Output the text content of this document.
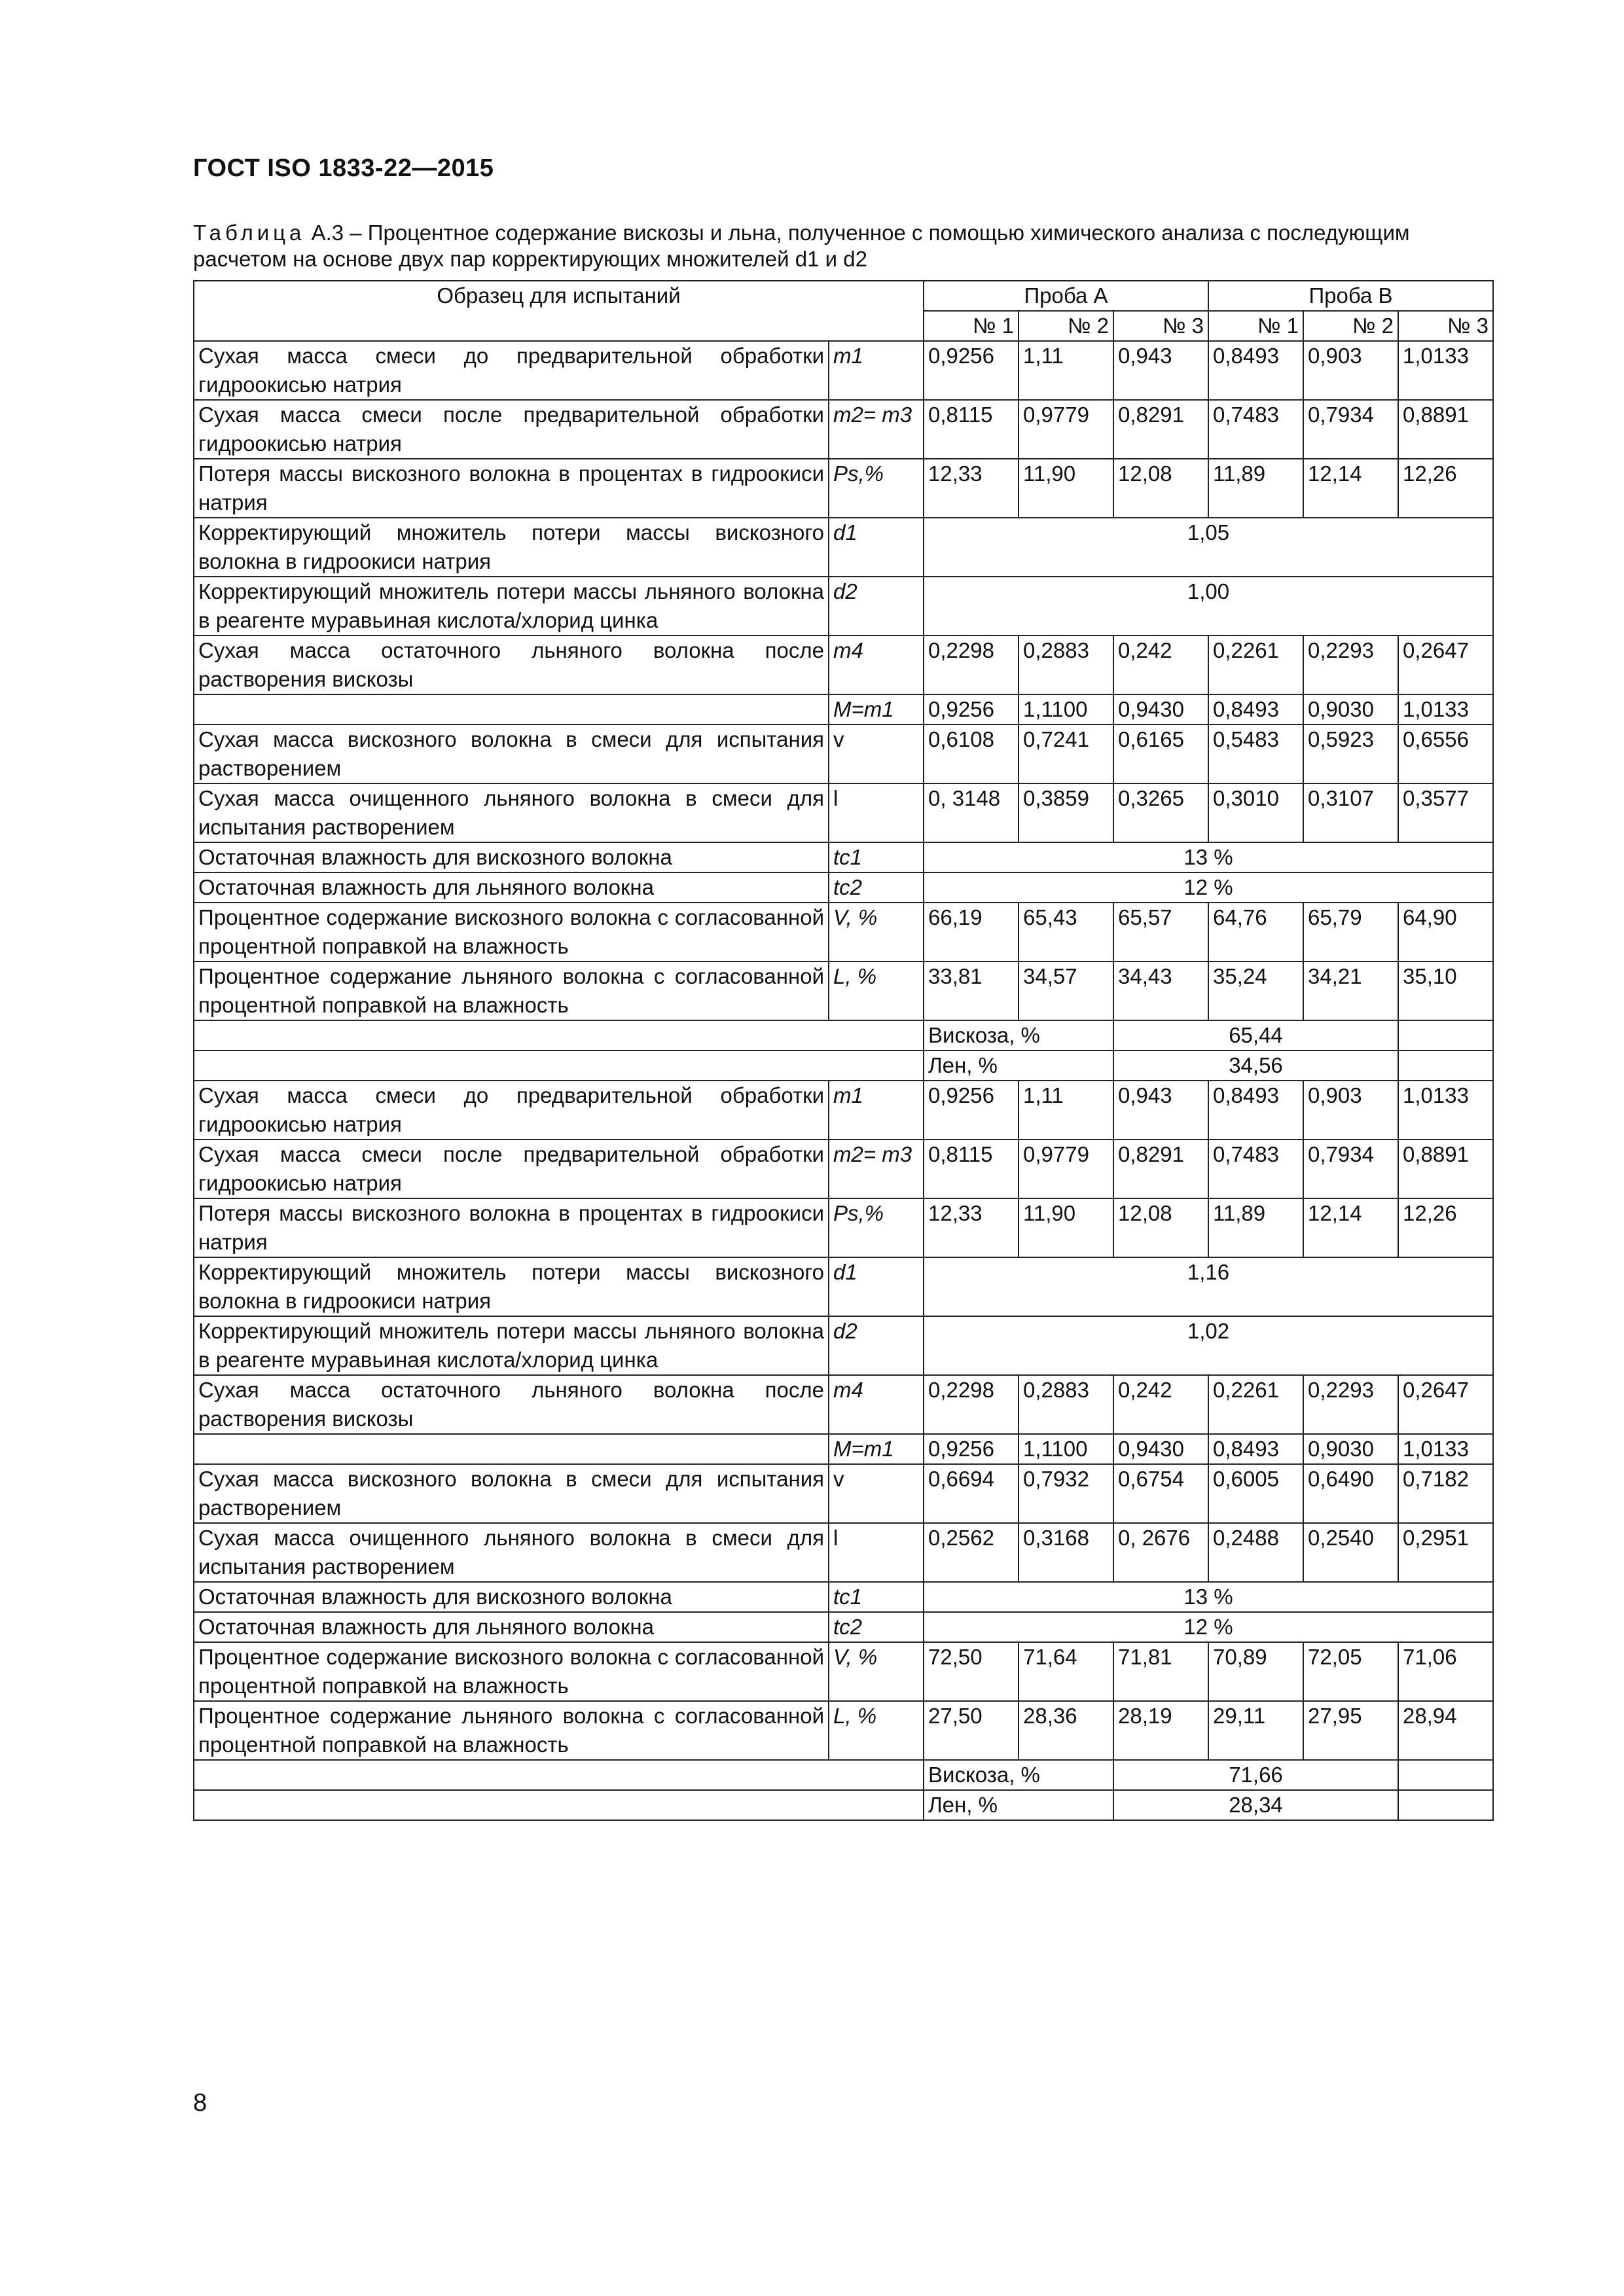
ГОСТ ISO 1833-22—2015
Таблица А.3 – Процентное содержание вискозы и льна, полученное с помощью химического анализа с последующим расчетом на основе двух пар корректирующих множителей d1 и d2
Образец для испытаний		Проба А			Проба В		
		№ 1	№ 2	№ 3	№ 1	№ 2	№ 3
Сухая масса смеси до предварительной обработки гидроокисью натрия	m1	0,9256	1,11	0,943	0,8493	0,903	1,0133
Сухая масса смеси после предварительной обработки гидроокисью натрия	m2= m3	0,8115	0,9779	0,8291	0,7483	0,7934	0,8891
Потеря массы вискозного волокна в процентах в гидроокиси натрия	Ps,%	12,33	11,90	12,08	11,89	12,14	12,26
Корректирующий множитель потери массы вискозного волокна в гидроокиси натрия	d1	1,05					
Корректирующий множитель потери массы льняного волокна в реагенте муравьиная кислота/хлорид цинка	d2	1,00					
Сухая масса остаточного льняного волокна после растворения вискозы	m4	0,2298	0,2883	0,242	0,2261	0,2293	0,2647
	M=m1	0,9256	1,1100	0,9430	0,8493	0,9030	1,0133
Сухая масса вискозного волокна в смеси для испытания растворением	v	0,6108	0,7241	0,6165	0,5483	0,5923	0,6556
Сухая масса очищенного льняного волокна в смеси для испытания растворением	l	0, 3148	0,3859	0,3265	0,3010	0,3107	0,3577
Остаточная влажность для вискозного волокна	tc1	13 %					
Остаточная влажность для льняного волокна	tc2	12 %					
Процентное содержание вискозного волокна с согласованной процентной поправкой на влажность	V, %	66,19	65,43	65,57	64,76	65,79	64,90
Процентное содержание льняного волокна с согласованной процентной поправкой на влажность	L, %	33,81	34,57	34,43	35,24	34,21	35,10
		Вискоза, %		65,44			
		Лен, %		34,56			
Сухая масса смеси до предварительной обработки гидроокисью натрия	m1	0,9256	1,11	0,943	0,8493	0,903	1,0133
Сухая масса смеси после предварительной обработки гидроокисью натрия	m2= m3	0,8115	0,9779	0,8291	0,7483	0,7934	0,8891
Потеря массы вискозного волокна в процентах в гидроокиси натрия	Ps,%	12,33	11,90	12,08	11,89	12,14	12,26
Корректирующий множитель потери массы вискозного волокна в гидроокиси натрия	d1	1,16					
Корректирующий множитель потери массы льняного волокна в реагенте муравьиная кислота/хлорид цинка	d2	1,02					
Сухая масса остаточного льняного волокна после растворения вискозы	m4	0,2298	0,2883	0,242	0,2261	0,2293	0,2647
	M=m1	0,9256	1,1100	0,9430	0,8493	0,9030	1,0133
Сухая масса вискозного волокна в смеси для испытания растворением	v	0,6694	0,7932	0,6754	0,6005	0,6490	0,7182
Сухая масса очищенного льняного волокна в смеси для испытания растворением	l	0,2562	0,3168	0, 2676	0,2488	0,2540	0,2951
Остаточная влажность для вискозного волокна	tc1	13 %					
Остаточная влажность для льняного волокна	tc2	12 %					
Процентное содержание вискозного волокна с согласованной процентной поправкой на влажность	V, %	72,50	71,64	71,81	70,89	72,05	71,06
Процентное содержание льняного волокна с согласованной процентной поправкой на влажность	L, %	27,50	28,36	28,19	29,11	27,95	28,94
		Вискоза, %		71,66			
		Лен, %		28,34			
8
